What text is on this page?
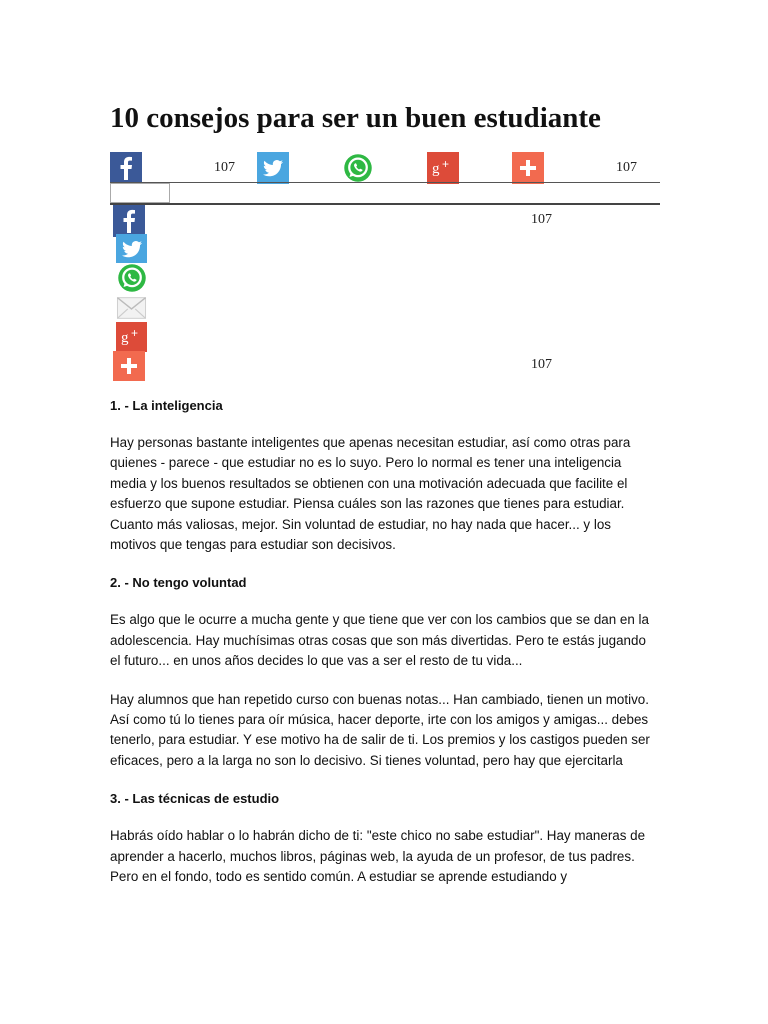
10 consejos para ser un buen estudiante
107	g +	107
107
g +
107
1. - La inteligencia

Hay personas bastante inteligentes que apenas necesitan estudiar, así como otras para quienes - parece - que estudiar no es lo suyo. Pero lo normal es tener una inteligencia media y los buenos resultados se obtienen con una motivación adecuada que facilite el esfuerzo que supone estudiar. Piensa cuáles son las razones que tienes para estudiar. Cuanto más valiosas, mejor. Sin voluntad de estudiar, no hay nada que hacer... y los motivos que tengas para estudiar son decisivos.

2. - No tengo voluntad

Es algo que le ocurre a mucha gente y que tiene que ver con los cambios que se dan en la adolescencia. Hay muchísimas otras cosas que son más divertidas. Pero te estás jugando el futuro... en unos años decides lo que vas a ser el resto de tu vida...

Hay alumnos que han repetido curso con buenas notas... Han cambiado, tienen un motivo. Así como tú lo tienes para oír música, hacer deporte, irte con los amigos y amigas... debes tenerlo, para estudiar. Y ese motivo ha de salir de ti. Los premios y los castigos pueden ser eficaces, pero a la larga no son lo decisivo. Si tienes voluntad, pero hay que ejercitarla

3. - Las técnicas de estudio

Habrás oído hablar o lo habrán dicho de ti: "este chico no sabe estudiar". Hay maneras de aprender a hacerlo, muchos libros, páginas web, la ayuda de un profesor, de tus padres. Pero en el fondo, todo es sentido común. A estudiar se aprende estudiando y
